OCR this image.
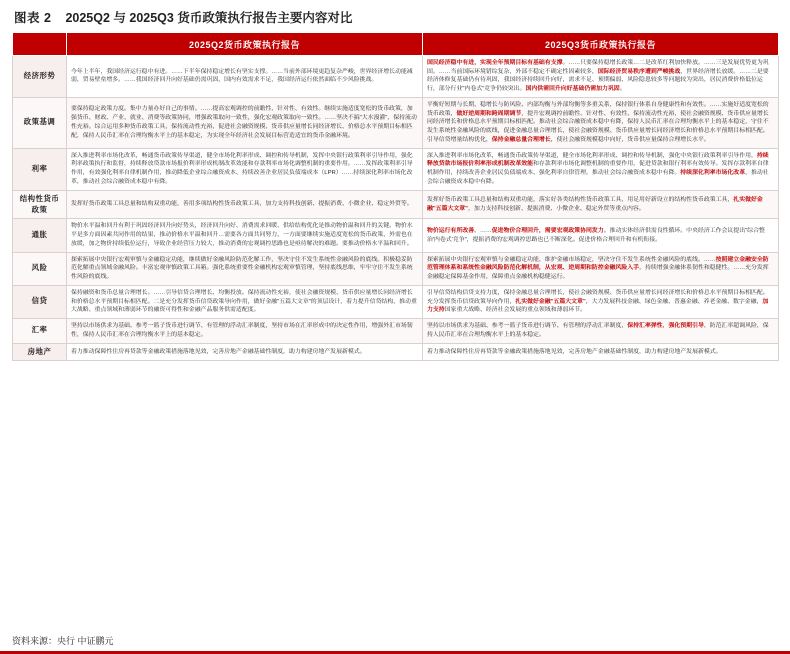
图表 2 2025Q2 与 2025Q3 货币政策执行报告主要内容对比
	2025Q2货币政策执行报告	2025Q3货币政策执行报告
经济形势	今年上半年，我国经济运行稳中有进。……下半年保持稳定增长有坚实支撑。……当前外部环境更趋复杂严峻，世界经济增长动能减弱，贸易壁垒增多。……我国经济回升向好基础仍需巩固，国内有效需求不足，我国经济运行依然面临不少风险挑战。	国民经济稳中有进，实现全年预期目标有基础有支撑。……只要保持稳增长政策…二是改革红利加快释放。……三是发展优势更为巩固。……当前国际环境错综复杂，外部不稳定不确定性因素较多，国际经济贸易秩序遭到严峻挑战，世界经济增长放缓。……二是要经济体修复基础仍有待巩固，我国经济持续回升向好，需求不足、预期偏弱、风险隐患较多等问题较为突出，居民消费价格低位运行，部分行业"内卷式"竞争仍较突出。国内供需回升向好基础仍需加力巩固。
政策基调	要保持稳定政策力度。集中力量办好自己的事情。……提高宏观调控的前瞻性、针对性、有效性。继续实施适度宽松的货币政策，加强货币、财政、产业、就业、消费等政策协同，增强政策取向一致性，强化宏观政策取向一致性。……坚决不搞"大水漫灌"，保持流动性充裕。综合运用多种货币政策工具，保持流动性充裕，促进社会融资规模、货币供应量增长同经济增长、价格总水平预期目标相匹配，保持人民币汇率在合理均衡水平上的基本稳定，为实现全年经济社会发展目标营造适宜的货币金融环境。	平衡好短期与长期、稳增长与防风险、内部均衡与外部均衡等多重关系，保持银行体系自身健康性和有效性。……实施好适度宽松的货币政策，做好逆周期和跨周期调节，提升宏观调控前瞻性、针对性、有效性，保持流动性充裕，使社会融资规模、货币供应量增长同经济增长和价格总水平预期目标相匹配。推动社会综合融资成本稳中有降，保持人民币汇率在合理均衡水平上的基本稳定，守住不发生系统性金融风险的底线，促进金融总量合理增长，使社会融资规模、货币供应量增长同经济增长和价格总水平预期目标相匹配。引导信贷增量结构优化，保持金融总量合理增长，使社会融资规模稳中向好，货币供应量保持合理增长水平。
利率	深入推进利率市场化改革，畅通货币政策传导渠道，健全市场化利率形成、调控和传导机制，发挥中央银行政策利率引导作用，强化利率政策执行和监督，持续释放贷款市场报价利率形成机制改革效能和存款利率市场化调整机制的重要作用。……发挥政策利率引导作用，有效强化利率自律机制作用，推动降低企业综合融资成本、持续改善企业居民负债端成本（LPR）……持续深化利率市场化改革，推动社会综合融资成本稳中有降。	深入推进利率市场化改革，畅通货币政策传导渠道，健全市场化利率形成、调控和传导机制，强化中央银行政策利率引导作用，持续释放贷款市场报价利率形成机制改革效能和存款利率市场化调整机制的重要作用，促进贷款和银行利率有效传导。发挥存款利率自律机制作用，持续改善企业居民负债端成本、强化利率自律管理，推动社会综合融资成本稳中有降。持续深化利率市场化改革，推动社会综合融资成本稳中有降。
结构性货币政策	发挥好货币政策工具总量和结构双重功能，善用多项结构性货币政策工具，加力支持科技创新、提振消费、小微企业、稳定外贸等。	发挥好货币政策工具总量和结构双重功能，落实好各类结构性货币政策工具，用足用好新设立的结构性货币政策工具，扎实做好金融"五篇大文章"，加力支持科技创新、提振消费、小微企业、稳定外贸等重点内容。
通胀	物价水平温和回升有利于巩固经济回升向好势头，经济回升向好、消费需求回暖、供给结构优化是推动物价温和回升的关键。物价水平是多方面因素共同作用的结果，推动价格水平温和回升…需要各方面共同努力，一方面要继续实施适度宽松的货币政策，外需也在放缓，加之物价持续低位运行，导致企业经营压力较大，推动消费的宏观调控思路也是亟待解决的难题。要推动价格水平温和回升。	物价运行有所改善。……促进物价合理回升，需要宏观政策协同发力。推动实体经济供需良性循环。中央经济工作会议提出"综合整治'内卷式'竞争"，提振消费的宏观调控思路也已不断深化。促进价格合理回升和有机衔接。
风险	探索拓展中央银行宏观审慎与金融稳定功能，继续做好金融风险防范化解工作，坚决守住不发生系统性金融风险的底线。积极稳妥防范化解重点领域金融风险。丰富宏观审慎政策工具箱。强化系统重要性金融机构宏观审慎管理，坚持底线思维，牢牢守住不发生系统性风险的底线。	探索拓展中央银行宏观审慎与金融稳定功能，维护金融市场稳定，坚决守住不发生系统性金融风险的底线。……按照建立金融安全防范管理体系和系统性金融风险防范化解机制，从宏观、逆周期和防控金融风险入手，持续增强金融体系韧性和稳健性。……充分发挥金融稳定保障基金作用，保障重点金融机构稳健运行。
信贷	保持融资和货币总量合理增长。……引导信贷合理增长、均衡投放。保持流动性充裕，使社会融资规模、货币供应量增长同经济增长和价格总水平预期目标相匹配。二是充分发挥货币信贷政策导向作用，做好金融"五篇大文章"的顶层设计，着力提升信贷结构，推动重大战略、重点领域和薄弱环节的融资可得性和金融产品服务供需适配度。	引导信贷结构信贷支持力度，保持金融总量合理增长，使社会融资规模、货币供应量增长同经济增长和价格总水平预期目标相匹配。充分发挥货币信贷政策导向作用，扎实做好金融"五篇大文章"，大力发展科技金融、绿色金融、普惠金融、养老金融、数字金融，加力支持国家重大战略、经济社会发展的重点领域和薄弱环节。
汇率	坚持以市场供求为基础、参考一篮子货币进行调节、有管理的浮动汇率制度，坚持市场在汇率形成中的决定性作用，增强外汇市场韧性，保持人民币汇率在合理均衡水平上的基本稳定。	坚持以市场供求为基础、参考一篮子货币进行调节、有管理的浮动汇率制度，保持汇率弹性，强化预期引导，防范汇率超调风险，保持人民币汇率在合理均衡水平上的基本稳定。
房地产	着力推动保障性住房再贷款等金融政策措施落地见效，完善房地产金融基础性制度，助力构建房地产发展新模式。	着力推动保障性住房再贷款等金融政策措施落地见效，完善房地产金融基础性制度，助力构建房地产发展新模式。
资料来源：央行 中证鹏元
